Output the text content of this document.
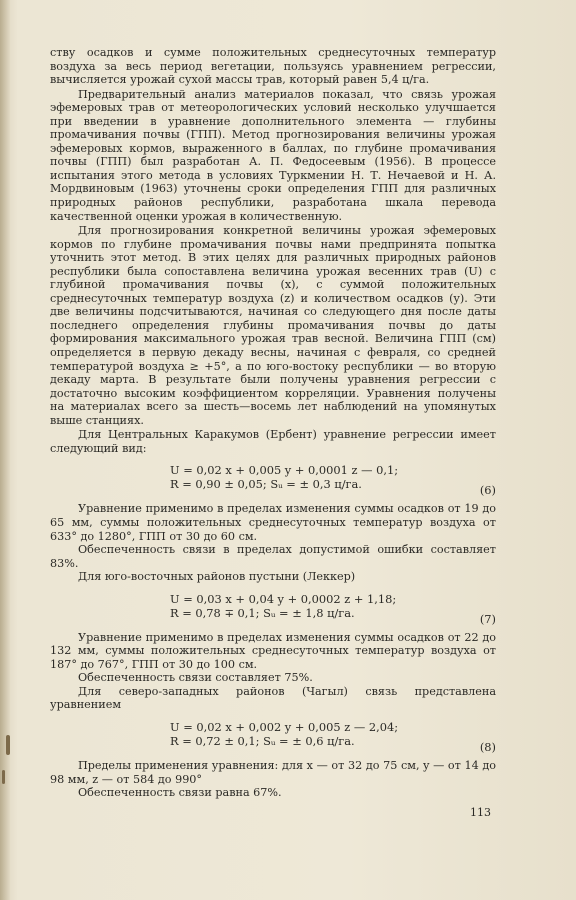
ству осадков и сумме положительных среднесуточных температур воздуха за весь период вегетации, пользуясь уравнением регрессии, вычисляется урожай сухой массы трав, который равен 5,4 ц/га.

Предварительный анализ материалов показал, что связь урожая эфемеровых трав от метеорологических условий несколько улучшается при введении в уравнение дополнительного элемента — глубины промачивания почвы (ГПП). Метод прогнозирования величины урожая эфемеровых кормов, выраженного в баллах, по глубине промачивания почвы (ГПП) был разработан А. П. Федосеевым (1956). В процессе испытания этого метода в условиях Туркмении Н. Т. Нечаевой и Н. А. Мордвиновым (1963) уточнены сроки определения ГПП для различных природных районов республики, разработана шкала перевода качественной оценки урожая в количественную.

Для прогнозирования конкретной величины урожая эфемеровых кормов по глубине промачивания почвы нами предпринята попытка уточнить этот метод. В этих целях для различных природных районов республики была сопоставлена величина урожая весенних трав (U) с глубиной промачивания почвы (x), с суммой положительных среднесуточных температур воздуха (z) и количеством осадков (y). Эти две величины подсчитываются, начиная со следующего дня после даты последнего определения глубины промачивания почвы до даты формирования максимального урожая трав весной. Величина ГПП (см) определяется в первую декаду весны, начиная с февраля, со средней температурой воздуха ≥ +5°, а по юго-востоку республики — во вторую декаду марта. В результате были получены уравнения регрессии с достаточно высоким коэффициентом корреляции. Уравнения получены на материалах всего за шесть—восемь лет наблюдений на упомянутых выше станциях.

Для Центральных Каракумов (Ербент) уравнение регрессии имеет следующий вид:

U = 0,02 x + 0,005 y + 0,0001 z — 0,1;
R = 0,90 ± 0,05; Sᵤ = ± 0,3 ц/га.	(6)

Уравнение применимо в пределах изменения суммы осадков от 19 до 65 мм, суммы положительных среднесуточных температур воздуха от 633° до 1280°, ГПП от 30 до 60 см.

Обеспеченность связи в пределах допустимой ошибки составляет 83%.

Для юго-восточных районов пустыни (Леккер)

U = 0,03 x + 0,04 y + 0,0002 z + 1,18;
R = 0,78 ∓ 0,1; Sᵤ = ± 1,8 ц/га.	(7)

Уравнение применимо в пределах изменения суммы осадков от 22 до 132 мм, суммы положительных среднесуточных температур воздуха от 187° до 767°, ГПП от 30 до 100 см.

Обеспеченность связи составляет 75%.

Для северо-западных районов (Чагыл) связь представлена уравнением

U = 0,02 x + 0,002 y + 0,005 z — 2,04;
R = 0,72 ± 0,1; Sᵤ = ± 0,6 ц/га.	(8)

Пределы применения уравнения: для x — от 32 до 75 см, y — от 14 до 98 мм, z — от 584 до 990°

Обеспеченность связи равна 67%.

113
